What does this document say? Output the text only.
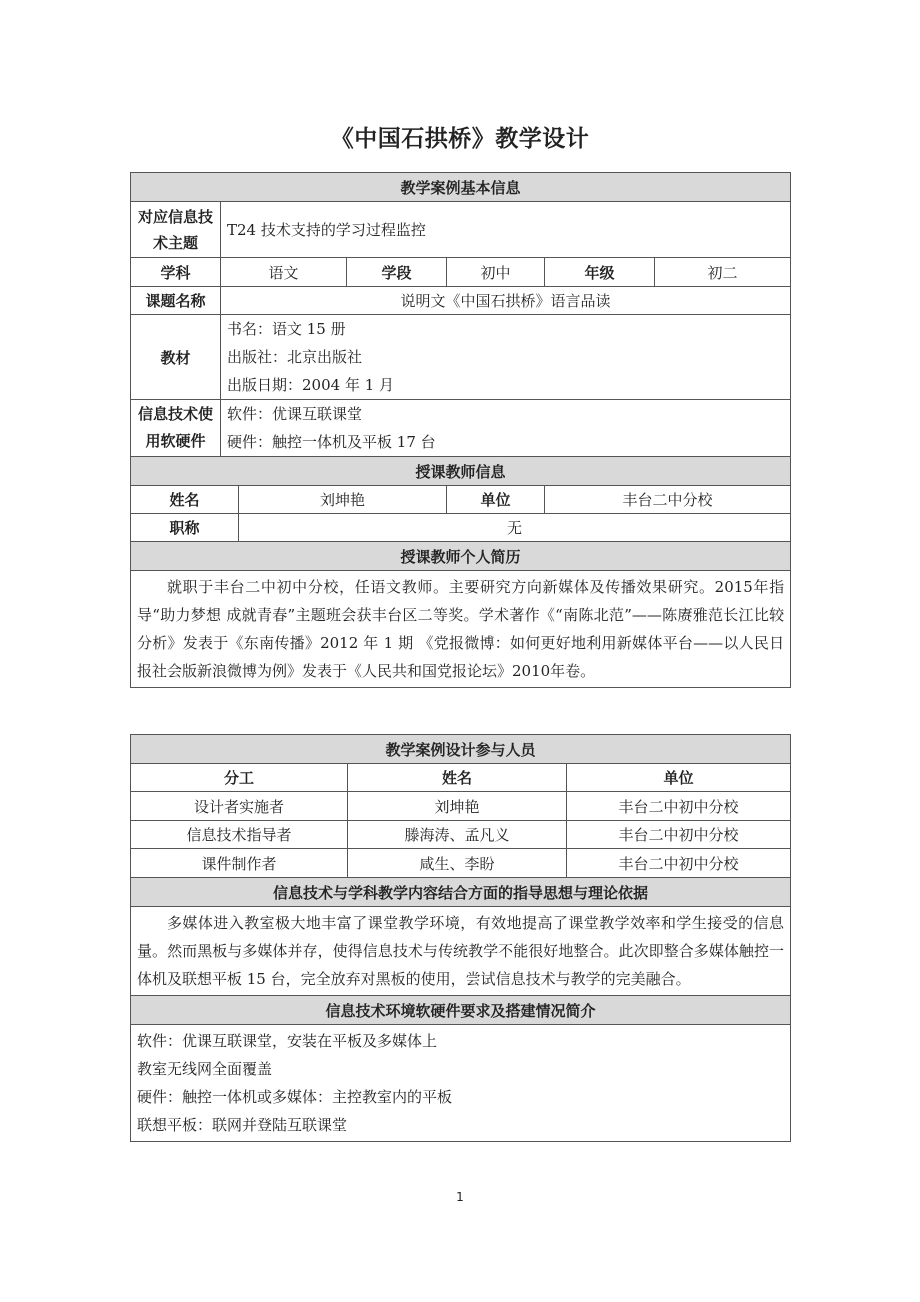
《中国石拱桥》教学设计
教学案例基本信息						
对应信息技术主题	T24 技术支持的学习过程监控					
学科	语文		学段	初中	年级	初二
课题名称	说明文《中国石拱桥》语言品读					
教材	书名：语文 15 册
出版社：北京出版社
出版日期：2004 年 1 月					

信息技术使用软硬件	软件：优课互联课堂
硬件：触控一体机及平板 17 台					

授课教师信息						
姓名		刘坤艳		单位	丰台二中分校	
职称		无				
授课教师个人简历						
就职于丰台二中初中分校，任语文教师。主要研究方向新媒体及传播效果研究。2015年指导“助力梦想 成就青春”主题班会获丰台区二等奖。学术著作《“南陈北范”——陈赓雅范长江比较分析》发表于《东南传播》2012 年 1 期 《党报微博：如何更好地利用新媒体平台——以人民日报社会版新浪微博为例》发表于《人民共和国党报论坛》2010年卷。						
教学案例设计参与人员		
分工	姓名	单位
设计者实施者	刘坤艳	丰台二中初中分校
信息技术指导者	滕海涛、孟凡义	丰台二中初中分校
课件制作者	咸生、李盼	丰台二中初中分校
信息技术与学科教学内容结合方面的指导思想与理论依据		
多媒体进入教室极大地丰富了课堂教学环境，有效地提高了课堂教学效率和学生接受的信息量。然而黑板与多媒体并存，使得信息技术与传统教学不能很好地整合。此次即整合多媒体触控一体机及联想平板 15 台，完全放弃对黑板的使用，尝试信息技术与教学的完美融合。		
信息技术环境软硬件要求及搭建情况简介		

软件：优课互联课堂，安装在平板及多媒体上
教室无线网全面覆盖
硬件：触控一体机或多媒体：主控教室内的平板
联想平板：联网并登陆互联课堂		
1
